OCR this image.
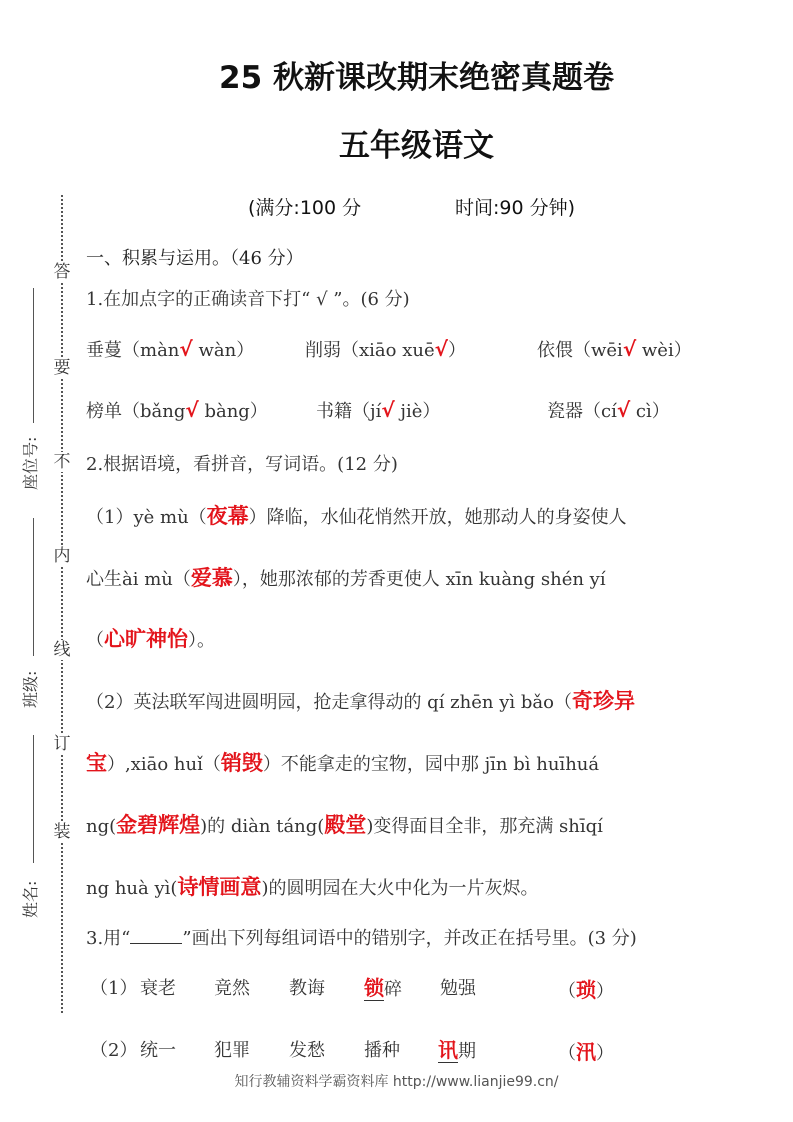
25 秋新课改期末绝密真题卷
五年级语文
(满分:100 分	时间:90 分钟)
答
要
不
内
线
订
装
座位号:
班级:
姓名:
一、积累与运用。（46 分）
1.在加点字的正确读音下打“ √ ”。(6 分)
垂蔓（màn√ wàn）	削弱（xiāo xuē√）	依偎（wēi√ wèi）
榜单（bǎng√ bàng）	书籍（jí√ jiè）	瓷器（cí√ cì）
2.根据语境，看拼音，写词语。(12 分)
（1）yè mù（夜幕）降临，水仙花悄然开放，她那动人的身姿使人
心生ài mù（爱慕），她那浓郁的芳香更使人 xīn kuàng shén yí
（心旷神怡）。
（2）英法联军闯进圆明园，抢走拿得动的 qí zhēn yì bǎo（奇珍异
宝）,xiāo huǐ（销毁）不能拿走的宝物，园中那 jīn bì huīhuá
ng(金碧辉煌)的 diàn táng(殿堂)变得面目全非，那充满 shīqí
ng huà yì(诗情画意)的圆明园在大火中化为一片灰烬。
3.用“	”画出下列每组词语中的错别字，并改正在括号里。(3 分)
（1） 衰老 竟然 教诲 锁碎 勉强	（琐）
（2） 统一 犯罪 发愁 播种 讯期	（汛）
知行教辅资料学霸资料库 http://www.lianjie99.cn/
